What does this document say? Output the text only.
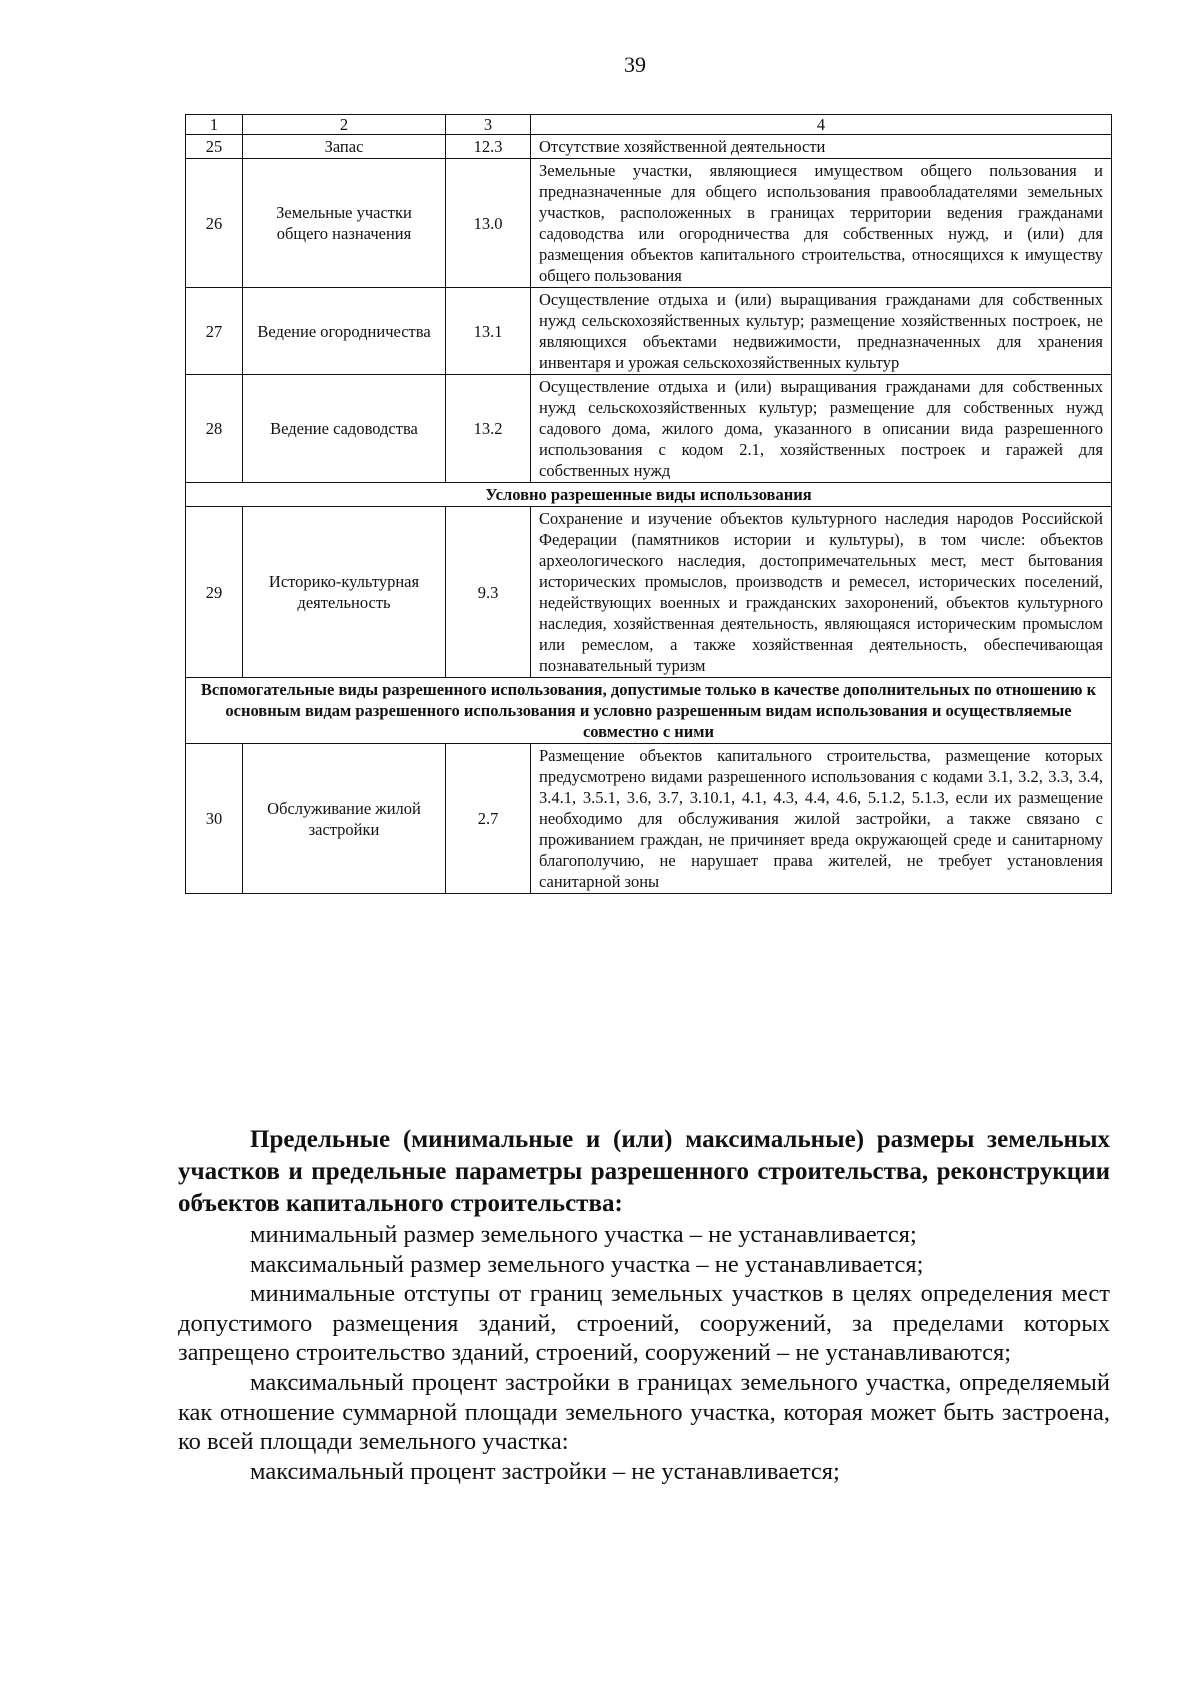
39
1	2	3	4
25	Запас	12.3	Отсутствие хозяйственной деятельности
26	Земельные участки общего назначения	13.0	Земельные участки, являющиеся имуществом общего пользования и предназначенные для общего использования правообладателями земельных участков, расположенных в границах территории ведения гражданами садоводства или огородничества для собственных нужд, и (или) для размещения объектов капитального строительства, относящихся к имуществу общего пользования
27	Ведение огородничества	13.1	Осуществление отдыха и (или) выращивания гражданами для собственных нужд сельскохозяйственных культур; размещение хозяйственных построек, не являющихся объектами недвижимости, предназначенных для хранения инвентаря и урожая сельскохозяйственных культур
28	Ведение садоводства	13.2	Осуществление отдыха и (или) выращивания гражданами для собственных нужд сельскохозяйственных культур; размещение для собственных нужд садового дома, жилого дома, указанного в описании вида разрешенного использования с кодом 2.1, хозяйственных построек и гаражей для собственных нужд
Условно разрешенные виды использования			
29	Историко-культурная деятельность	9.3	Сохранение и изучение объектов культурного наследия народов Российской Федерации (памятников истории и культуры), в том числе: объектов археологического наследия, достопримечательных мест, мест бытования исторических промыслов, производств и ремесел, исторических поселений, недействующих военных и гражданских захоронений, объектов культурного наследия, хозяйственная деятельность, являющаяся историческим промыслом или ремеслом, а также хозяйственная деятельность, обеспечивающая познавательный туризм
Вспомогательные виды разрешенного использования, допустимые только в качестве дополнительных по отношению к основным видам разрешенного использования и условно разрешенным видам использования и осуществляемые совместно с ними			
30	Обслуживание жилой застройки	2.7	Размещение объектов капитального строительства, размещение которых предусмотрено видами разрешенного использования с кодами 3.1, 3.2, 3.3, 3.4, 3.4.1, 3.5.1, 3.6, 3.7, 3.10.1, 4.1, 4.3, 4.4, 4.6, 5.1.2, 5.1.3, если их размещение необходимо для обслуживания жилой застройки, а также связано с проживанием граждан, не причиняет вреда окружающей среде и санитарному благополучию, не нарушает права жителей, не требует установления санитарной зоны
Предельные (минимальные и (или) максимальные) размеры земельных участков и предельные параметры разрешенного строительства, реконструкции объектов капитального строительства:

минимальный размер земельного участка – не устанавливается;

максимальный размер земельного участка – не устанавливается;

минимальные отступы от границ земельных участков в целях определения мест допустимого размещения зданий, строений, сооружений, за пределами которых запрещено строительство зданий, строений, сооружений – не устанавливаются;

максимальный процент застройки в границах земельного участка, определяемый как отношение суммарной площади земельного участка, которая может быть застроена, ко всей площади земельного участка:

максимальный процент застройки – не устанавливается;
